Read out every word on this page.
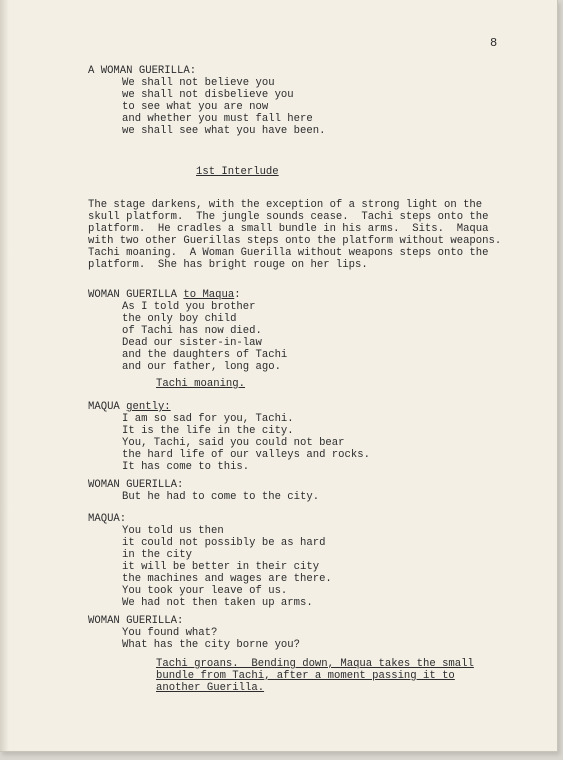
8
A WOMAN GUERILLA:
We shall not believe you
we shall not disbelieve you
to see what you are now
and whether you must fall here
we shall see what you have been.
1st Interlude
The stage darkens, with the exception of a strong light on the
skull platform.  The jungle sounds cease.  Tachi steps onto the
platform.  He cradles a small bundle in his arms.  Sits.  Maqua
with two other Guerillas steps onto the platform without weapons.
Tachi moaning.  A Woman Guerilla without weapons steps onto the
platform.  She has bright rouge on her lips.
WOMAN GUERILLA to Maqua:
As I told you brother
the only boy child
of Tachi has now died.
Dead our sister-in-law
and the daughters of Tachi
and our father, long ago.
Tachi moaning.
MAQUA gently:
I am so sad for you, Tachi.
It is the life in the city.
You, Tachi, said you could not bear
the hard life of our valleys and rocks.
It has come to this.
WOMAN GUERILLA:
But he had to come to the city.
MAQUA:
You told us then
it could not possibly be as hard
in the city
it will be better in their city
the machines and wages are there.
You took your leave of us.
We had not then taken up arms.
WOMAN GUERILLA:
You found what?
What has the city borne you?
Tachi groans.  Bending down, Maqua takes the small
bundle from Tachi, after a moment passing it to
another Guerilla.
